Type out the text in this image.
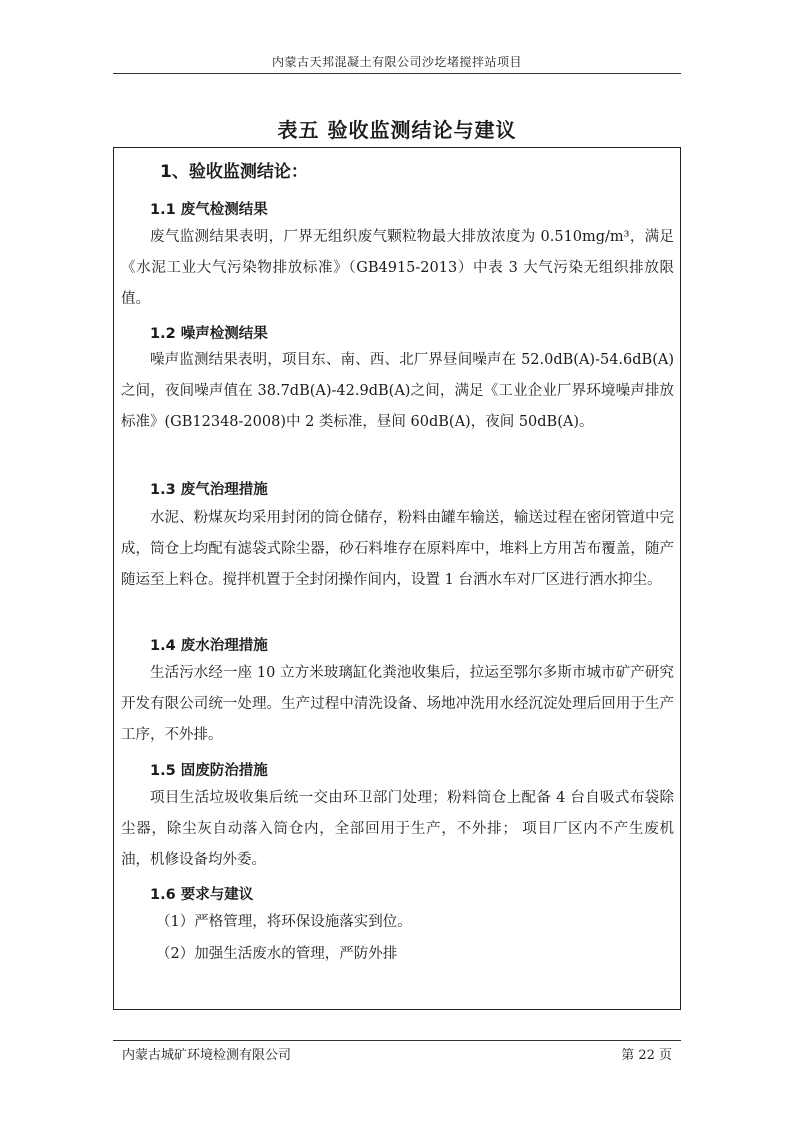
内蒙古天邦混凝土有限公司沙圪堵搅拌站项目
表五 验收监测结论与建议
1、验收监测结论：
1.1 废气检测结果

废气监测结果表明，厂界无组织废气颗粒物最大排放浓度为 0.510mg/m³，满足《水泥工业大气污染物排放标准》（GB4915-2013）中表 3 大气污染无组织排放限值。

1.2 噪声检测结果

噪声监测结果表明，项目东、南、西、北厂界昼间噪声在 52.0dB(A)-54.6dB(A)之间，夜间噪声值在 38.7dB(A)-42.9dB(A)之间，满足《工业企业厂界环境噪声排放标准》(GB12348-2008)中 2 类标准，昼间 60dB(A)，夜间 50dB(A)。

1.3 废气治理措施

水泥、粉煤灰均采用封闭的筒仓储存，粉料由罐车输送，输送过程在密闭管道中完成，筒仓上均配有滤袋式除尘器，砂石料堆存在原料库中，堆料上方用苫布覆盖，随产随运至上料仓。搅拌机置于全封闭操作间内，设置 1 台洒水车对厂区进行洒水抑尘。

1.4 废水治理措施

生活污水经一座 10 立方米玻璃缸化粪池收集后，拉运至鄂尔多斯市城市矿产研究开发有限公司统一处理。生产过程中清洗设备、场地冲洗用水经沉淀处理后回用于生产工序，不外排。

1.5 固废防治措施

项目生活垃圾收集后统一交由环卫部门处理；粉料筒仓上配备 4 台自吸式布袋除尘器，除尘灰自动落入筒仓内，全部回用于生产，不外排； 项目厂区内不产生废机油，机修设备均外委。

1.6 要求与建议

（1）严格管理，将环保设施落实到位。

（2）加强生活废水的管理，严防外排

内蒙古城矿环境检测有限公司	第 22 页
